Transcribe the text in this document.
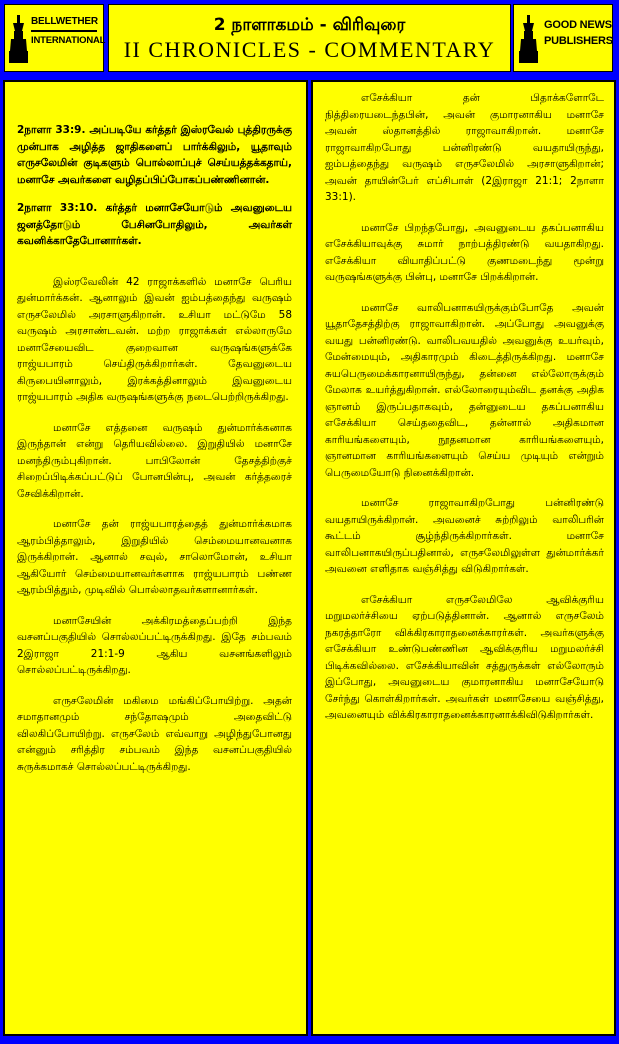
BELLWETHER
INTERNATIONAL
2 நாளாகமம் - விரிவுரை
II CHRONICLES - COMMENTARY
GOOD NEWS
PUBLISHERS

2நாளா 33:9. அப்படியே கர்த்தர் இஸ்ரவேல் புத்திரருக்கு முன்பாக அழித்த ஜாதிகளைப் பார்க்கிலும், யூதாவும் எருசலேமின் குடிகளும் பொல்லாப்புச் செய்யத்தக்கதாய், மனாசே அவர்களை வழிதப்பிப்போகப்பண்ணினான்.

2நாளா 33:10. கர்த்தர் மனாசேயோடும் அவனுடைய ஜனத்தோடும் பேசினபோதிலும், அவர்கள் கவனிக்காதேபோனார்கள்.

இஸ்ரவேலின் 42 ராஜாக்களில் மனாசே பெரிய துன்மார்க்கன். ஆனாலும் இவன் ஐம்பத்தைந்து வருஷம் எருசலேமில் அரசாளுகிறான். உசியா மட்டுமே 58 வருஷம் அரசாண்டவன். மற்ற ராஜாக்கள் எல்லாருமே மனாசேயைவிட குறைவான வருஷங்களுக்கே ராஜ்யபாரம் செய்திருக்கிறார்கள். தேவனுடைய கிருபையினாலும், இரக்கத்தினாலும் இவனுடைய ராஜ்யபாரம் அதிக வருஷங்களுக்கு நடைபெற்றிருக்கிறது.

மனாசே எத்தனை வருஷம் துன்மார்க்கனாக இருந்தான் என்று தெரியவில்லை. இறுதியில் மனாசே மனந்திரும்புகிறான். பாபிலோன் தேசத்திற்குச் சிறைப்பிடிக்கப்பட்டுப் போனபின்பு, அவன் கர்த்தரைச் சேவிக்கிறான்.

மனாசே தன் ராஜ்யபாரத்தைத் துன்மார்க்கமாக ஆரம்பித்தாலும், இறுதியில் செம்மையானவனாக இருக்கிறான். ஆனால் சவுல், சாலொமோன், உசியா ஆகியோர் செம்மையானவர்களாக ராஜ்யபாரம் பண்ண ஆரம்பித்தும், முடிவில் பொல்லாதவர்களானார்கள்.

மனாசேயின் அக்கிரமத்தைப்பற்றி இந்த வசனப்பகுதியில் சொல்லப்பட்டிருக்கிறது. இதே சம்பவம் 2இராஜா 21:1-9 ஆகிய வசனங்களிலும் சொல்லப்பட்டிருக்கிறது.

எருசலேமின் மகிமை மங்கிப்போயிற்று. அதன் சமாதானமும் சந்தோஷமும் அதைவிட்டு விலகிப்போயிற்று. எருசலேம் எவ்வாறு அழிந்துபோனது என்னும் சரித்திர சம்பவம் இந்த வசனப்பகுதியில் சுருக்கமாகச் சொல்லப்பட்டிருக்கிறது.

எசேக்கியா தன் பிதாக்களோடே நித்திரையடைந்தபின், அவன் குமாரனாகிய மனாசே அவன் ஸ்தானத்தில் ராஜாவாகிறான். மனாசே ராஜாவாகிறபோது பன்னிரண்டு வயதாயிருந்து, ஐம்பத்தைந்து வருஷம் எருசலேமில் அரசாளுகிறான்; அவன் தாயின்பேர் எப்சிபாள் (2இராஜா 21:1; 2நாளா 33:1).

மனாசே பிறந்தபோது, அவனுடைய தகப்பனாகிய எசேக்கியாவுக்கு சுமார் நாற்பத்திரண்டு வயதாகிறது. எசேக்கியா வியாதிப்பட்டு குணமடைந்து மூன்று வருஷங்களுக்கு பின்பு, மனாசே பிறக்கிறான்.

மனாசே வாலிபனாகயிருக்கும்போதே அவன் யூதாதேசத்திற்கு ராஜாவாகிறான். அப்போது அவனுக்கு வயது பன்னிரண்டு. வாலிபவயதில் அவனுக்கு உயர்வும், மேன்மையும், அதிகாரமும் கிடைத்திருக்கிறது. மனாசே சுயபெருமைக்காரனாயிருந்து, தன்னை எல்லோருக்கும் மேலாக உயர்த்துகிறான். எல்லோரையும்விட தனக்கு அதிக ஞானம் இருப்பதாகவும், தன்னுடைய தகப்பனாகிய எசேக்கியா செய்ததைவிட, தன்னால் அதிகமான காரியங்களையும், நூதனமான காரியங்களையும், ஞானமான காரியங்களையும் செய்ய முடியும் என்றும் பெருமையோடு நினைக்கிறான்.

மனாசே ராஜாவாகிறபோது பன்னிரண்டு வயதாயிருக்கிறான். அவனைச் சுற்றிலும் வாலிபரின் கூட்டம் சூழ்ந்திருக்கிறார்கள். மனாசே வாலிபனாகயிருப்பதினால், எருசலேமிலுள்ள துன்மார்க்கர் அவனை எளிதாக வஞ்சித்து விடுகிறார்கள்.

எசேக்கியா எருசலேமிலே ஆவிக்குரிய மறுமலர்ச்சியை ஏற்படுத்தினான். ஆனால் எருசலேம் நகரத்தாரோ விக்கிரகாராதனைக்காரர்கள். அவர்களுக்கு எசேக்கியா உண்டுபண்ணின ஆவிக்குரிய மறுமலர்ச்சி பிடிக்கவில்லை. எசேக்கியாவின் சத்துருக்கள் எல்லோரும் இப்போது, அவனுடைய குமாரனாகிய மனாசேயோடு சேர்ந்து கொள்கிறார்கள். அவர்கள் மனாசேயை வஞ்சித்து, அவனையும் விக்கிரகாராதனைக்காரனாக்கிவிடுகிறார்கள்.
